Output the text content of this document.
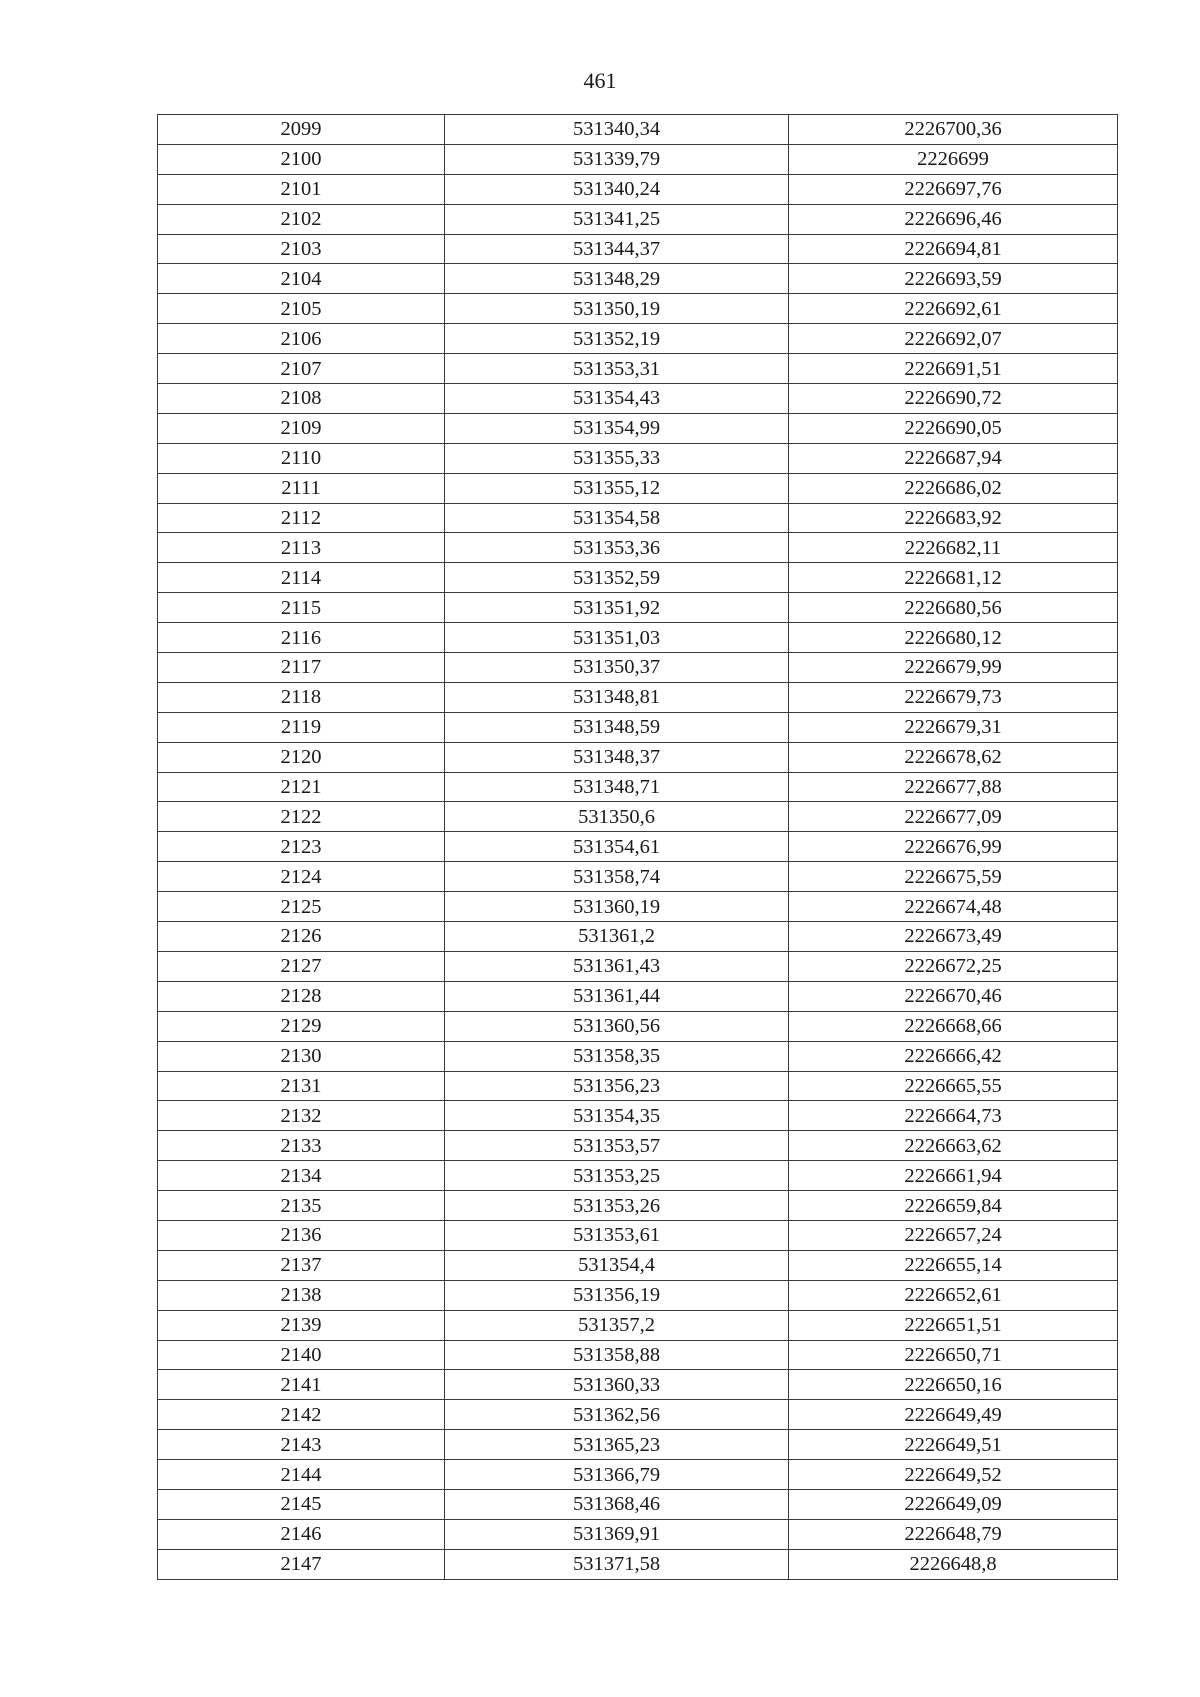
461
2099	531340,34	2226700,36
2100	531339,79	2226699
2101	531340,24	2226697,76
2102	531341,25	2226696,46
2103	531344,37	2226694,81
2104	531348,29	2226693,59
2105	531350,19	2226692,61
2106	531352,19	2226692,07
2107	531353,31	2226691,51
2108	531354,43	2226690,72
2109	531354,99	2226690,05
2110	531355,33	2226687,94
2111	531355,12	2226686,02
2112	531354,58	2226683,92
2113	531353,36	2226682,11
2114	531352,59	2226681,12
2115	531351,92	2226680,56
2116	531351,03	2226680,12
2117	531350,37	2226679,99
2118	531348,81	2226679,73
2119	531348,59	2226679,31
2120	531348,37	2226678,62
2121	531348,71	2226677,88
2122	531350,6	2226677,09
2123	531354,61	2226676,99
2124	531358,74	2226675,59
2125	531360,19	2226674,48
2126	531361,2	2226673,49
2127	531361,43	2226672,25
2128	531361,44	2226670,46
2129	531360,56	2226668,66
2130	531358,35	2226666,42
2131	531356,23	2226665,55
2132	531354,35	2226664,73
2133	531353,57	2226663,62
2134	531353,25	2226661,94
2135	531353,26	2226659,84
2136	531353,61	2226657,24
2137	531354,4	2226655,14
2138	531356,19	2226652,61
2139	531357,2	2226651,51
2140	531358,88	2226650,71
2141	531360,33	2226650,16
2142	531362,56	2226649,49
2143	531365,23	2226649,51
2144	531366,79	2226649,52
2145	531368,46	2226649,09
2146	531369,91	2226648,79
2147	531371,58	2226648,8
